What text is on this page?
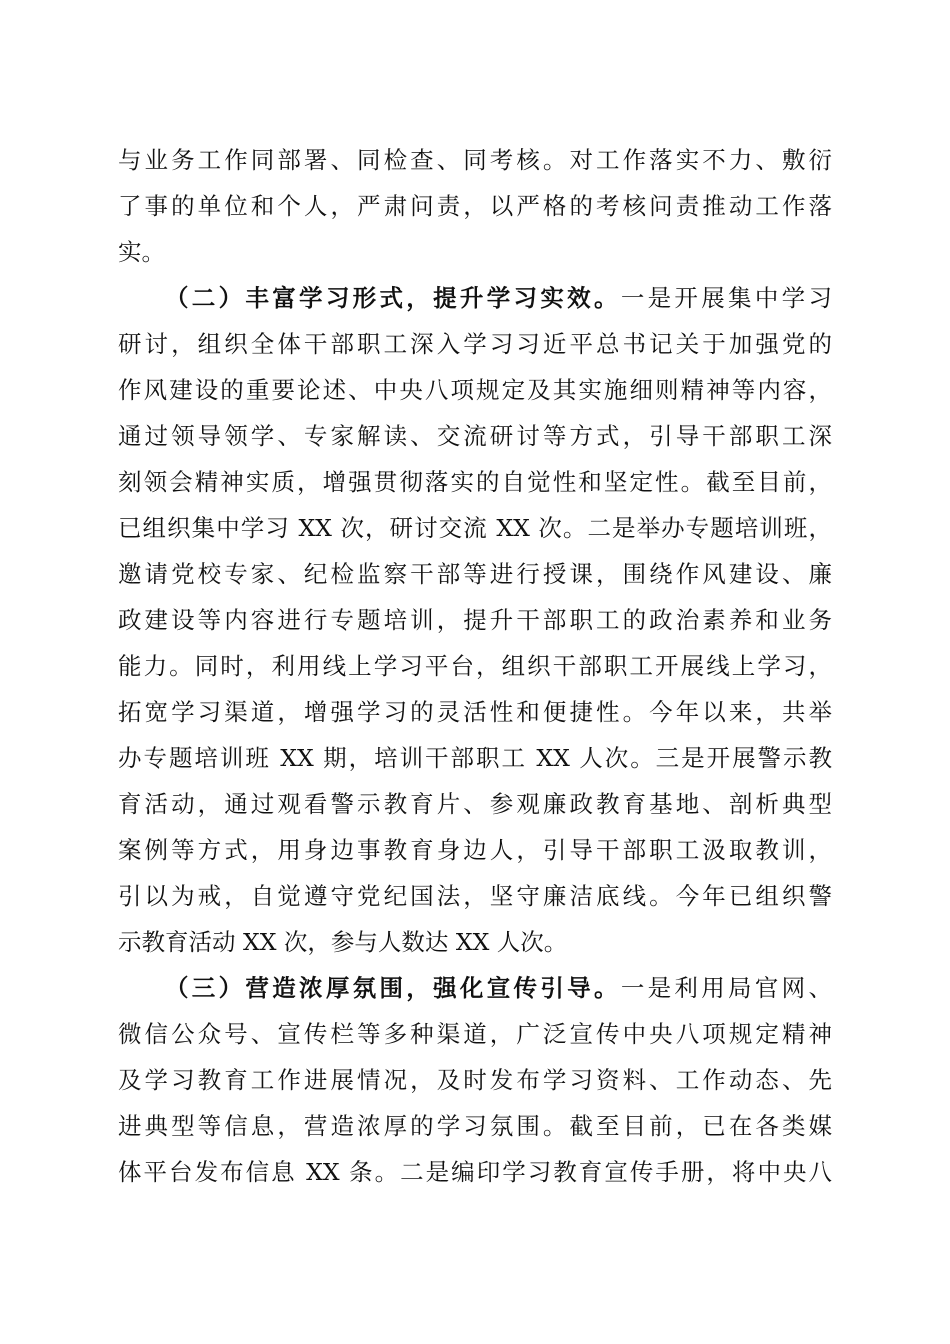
与业务工作同部署、同检查、同考核。对工作落实不力、敷衍
了事的单位和个人，严肃问责，以严格的考核问责推动工作落
实。
（二）丰富学习形式，提升学习实效。一是开展集中学习
研讨，组织全体干部职工深入学习习近平总书记关于加强党的
作风建设的重要论述、中央八项规定及其实施细则精神等内容，
通过领导领学、专家解读、交流研讨等方式，引导干部职工深
刻领会精神实质，增强贯彻落实的自觉性和坚定性。截至目前，
已组织集中学习 XX 次，研讨交流 XX 次。二是举办专题培训班，
邀请党校专家、纪检监察干部等进行授课，围绕作风建设、廉
政建设等内容进行专题培训，提升干部职工的政治素养和业务
能力。同时，利用线上学习平台，组织干部职工开展线上学习，
拓宽学习渠道，增强学习的灵活性和便捷性。今年以来，共举
办专题培训班 XX 期，培训干部职工 XX 人次。三是开展警示教
育活动，通过观看警示教育片、参观廉政教育基地、剖析典型
案例等方式，用身边事教育身边人，引导干部职工汲取教训，
引以为戒，自觉遵守党纪国法，坚守廉洁底线。今年已组织警
示教育活动 XX 次，参与人数达 XX 人次。
（三）营造浓厚氛围，强化宣传引导。一是利用局官网、
微信公众号、宣传栏等多种渠道，广泛宣传中央八项规定精神
及学习教育工作进展情况，及时发布学习资料、工作动态、先
进典型等信息，营造浓厚的学习氛围。截至目前，已在各类媒
体平台发布信息 XX 条。二是编印学习教育宣传手册，将中央八
